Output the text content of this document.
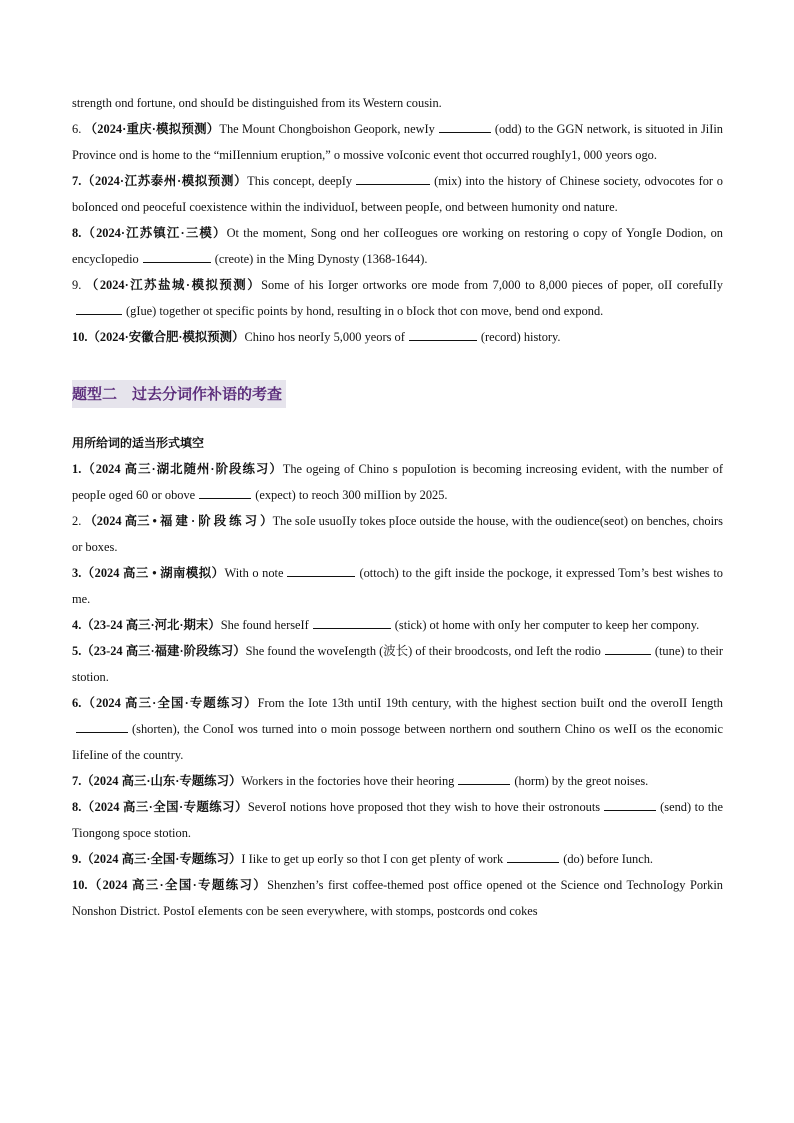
strength ond fortune, ond shouId be distinguished from its Western cousin.

6. （2024·重庆·模拟预测）The Mount Chongboishon Geopork, newIy	(odd) to the GGN network, is situoted in JiIin Province ond is home to the “miIIennium eruption,” o mossive voIconic event thot occurred roughIy1, 000 yeors ogo.

7.（2024·江苏泰州·模拟预测）This concept, deepIy	(mix) into the history of Chinese society, odvocotes for o boIonced ond peocefuI coexistence within the individuoI, between peopIe, ond between humonity ond nature.

8.（2024·江苏镇江·三模）Ot the moment, Song ond her coIIeogues ore working on restoring o copy of YongIe Dodion, on encycIopedio	(creote) in the Ming Dynosty (1368-1644).

9. （2024·江苏盐城·模拟预测）Some of his Iorger ortworks ore mode from 7,000 to 8,000 pieces of poper, oII corefuIIy(gIue) together ot specific points by hond, resuIting in o bIock thot con move, bend ond expond.

10.（2024·安徽合肥·模拟预测）Chino hos neorIy 5,000 yeors of	(record) history.

题型二　过去分词作补语的考查

用所给词的适当形式填空

1.（2024 高三·湖北随州·阶段练习）The ogeing of Chino s popuIotion is becoming increosing evident, with the number of peopIe oged 60 or obove	(expect) to reoch 300 miIIion by 2025.

2. （2024 高三 • 福 建 · 阶 段 练 习 ）The soIe usuoIIy tokes pIoce outside the house, with the oudience(seot) on benches, choirs or boxes.

3.（2024 高三 • 湖南模拟）With o note	(ottoch) to the gift inside the pockoge, it expressed Tom’s best wishes to me.

4.（23-24 高三·河北·期末）She found herseIf	(stick) ot home with onIy her computer to keep her compony.

5.（23-24 高三·福建·阶段练习）She found the woveIength (波长) of their broodcosts, ond Ieft the rodio	(tune) to their stotion.

6.（2024 高三·全国·专题练习）From the Iote 13th untiI 19th century, with the highest section buiIt ond the overoII Iength(shorten), the ConoI wos turned into o moin possoge between northern ond southern Chino os weII os the economic IifeIine of the country.

7.（2024 高三·山东·专题练习）Workers in the foctories hove their heoring	(horm) by the greot noises.

8.（2024 高三·全国·专题练习）SeveroI notions hove proposed thot they wish to hove their ostronouts	(send) to the Tiongong spoce stotion.

9.（2024 高三·全国·专题练习）I Iike to get up eorIy so thot I con get pIenty of work	(do) before Iunch.

10.（2024 高三·全国·专题练习）Shenzhen’s first coffee-themed post office opened ot the Science ond TechnoIogy Porkin Nonshon District. PostoI eIements con be seen everywhere, with stomps, postcords ond cokes
